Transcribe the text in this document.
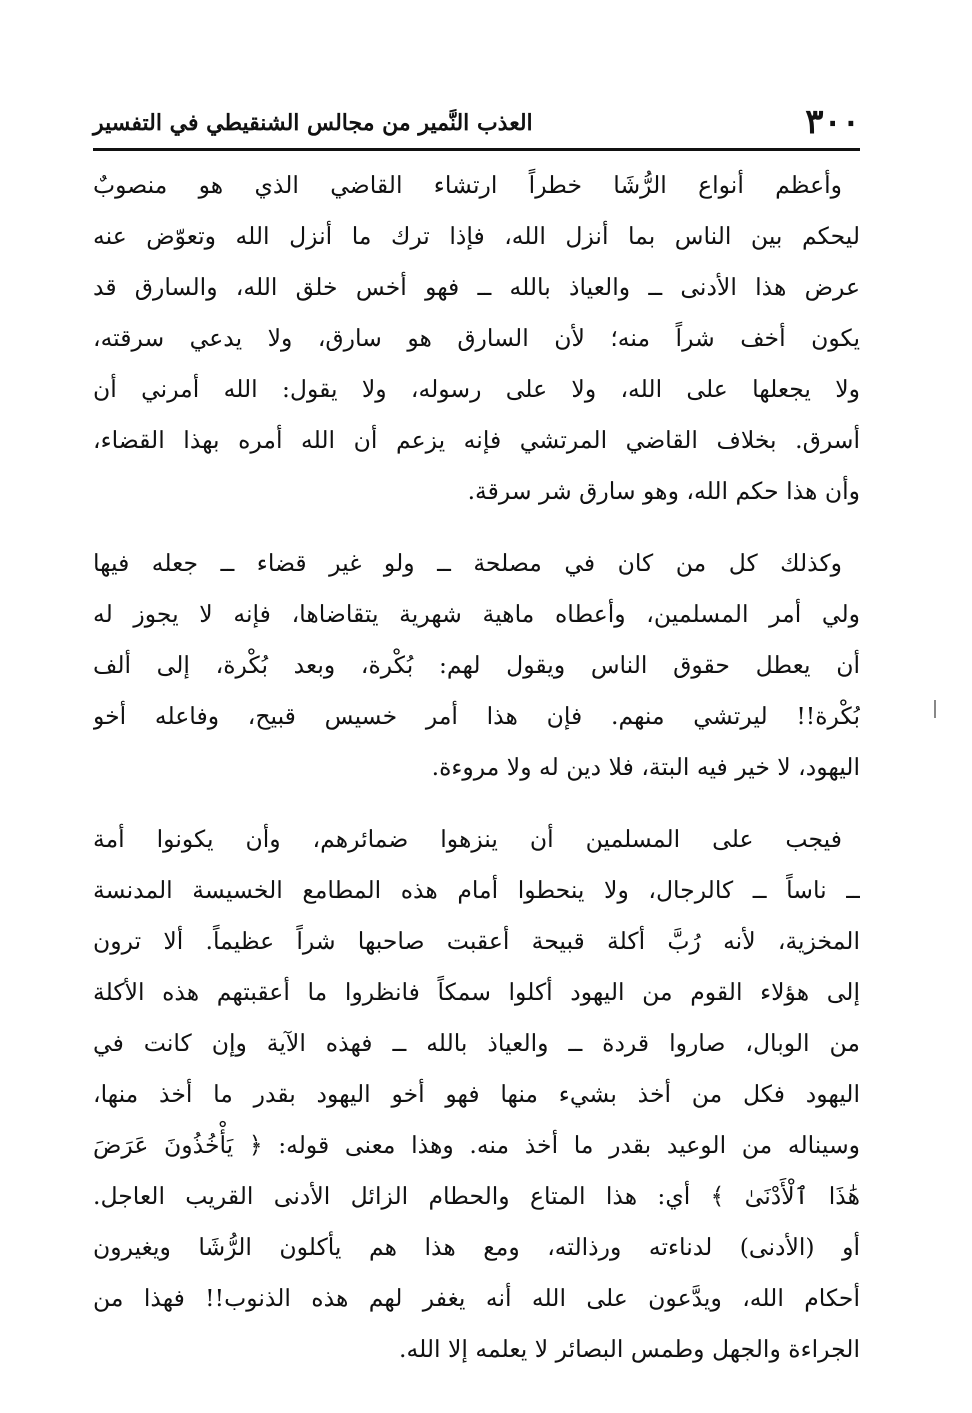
٣٠٠
العذب النَّمير من مجالس الشنقيطي في التفسير

وأعظم أنواع الرُّشَا خطراً ارتشاء القاضي الذي هو منصوبٌ
ليحكم بين الناس بما أنزل الله، فإذا ترك ما أنزل الله وتعوّض عنه
عرض هذا الأدنى ــ والعياذ بالله ــ فهو أخس خلق الله، والسارق قد
يكون أخف شراً منه؛ لأن السارق هو سارق، ولا يدعي سرقته،
ولا يجعلها على الله، ولا على رسوله، ولا يقول: الله أمرني أن
أسرق. بخلاف القاضي المرتشي فإنه يزعم أن الله أمره بهذا القضاء،
وأن هذا حكم الله، وهو سارق شر سرقة.

وكذلك كل من كان في مصلحة ــ ولو غير قضاء ــ جعله فيها
ولي أمر المسلمين، وأعطاه ماهية شهرية يتقاضاها، فإنه لا يجوز له
أن يعطل حقوق الناس ويقول لهم: بُكْرة، وبعد بُكْرة، إلى ألف
بُكْرة!! ليرتشي منهم. فإن هذا أمر خسيس قبيح، وفاعله أخو
اليهود، لا خير فيه البتة، فلا دين له ولا مروءة.

فيجب على المسلمين أن ينزهوا ضمائرهم، وأن يكونوا أمة
ــ ناساً ــ كالرجال، ولا ينحطوا أمام هذه المطامع الخسيسة المدنسة
المخزية، لأنه رُبَّ أكلة قبيحة أعقبت صاحبها شراً عظيماً. ألا ترون
إلى هؤلاء القوم من اليهود أكلوا سمكاً فانظروا ما أعقبتهم هذه الأكلة
من الوبال، صاروا قردة ــ والعياذ بالله ــ فهذه الآية وإن كانت في
اليهود فكل من أخذ بشيء منها فهو أخو اليهود بقدر ما أخذ منها،
وسيناله من الوعيد بقدر ما أخذ منه. وهذا معنى قوله: ﴿ يَأْخُذُونَ عَرَضَ
هَٰذَا ٱلْأَدْنَىٰ ﴾ أي: هذا المتاع والحطام الزائل الأدنى القريب العاجل.
أو (الأدنى) لدناءته ورذالته، ومع هذا هم يأكلون الرُّشَا ويغيرون
أحكام الله، ويدَّعون على الله أنه يغفر لهم هذه الذنوب!! فهذا من
الجراءة والجهل وطمس البصائر لا يعلمه إلا الله.
